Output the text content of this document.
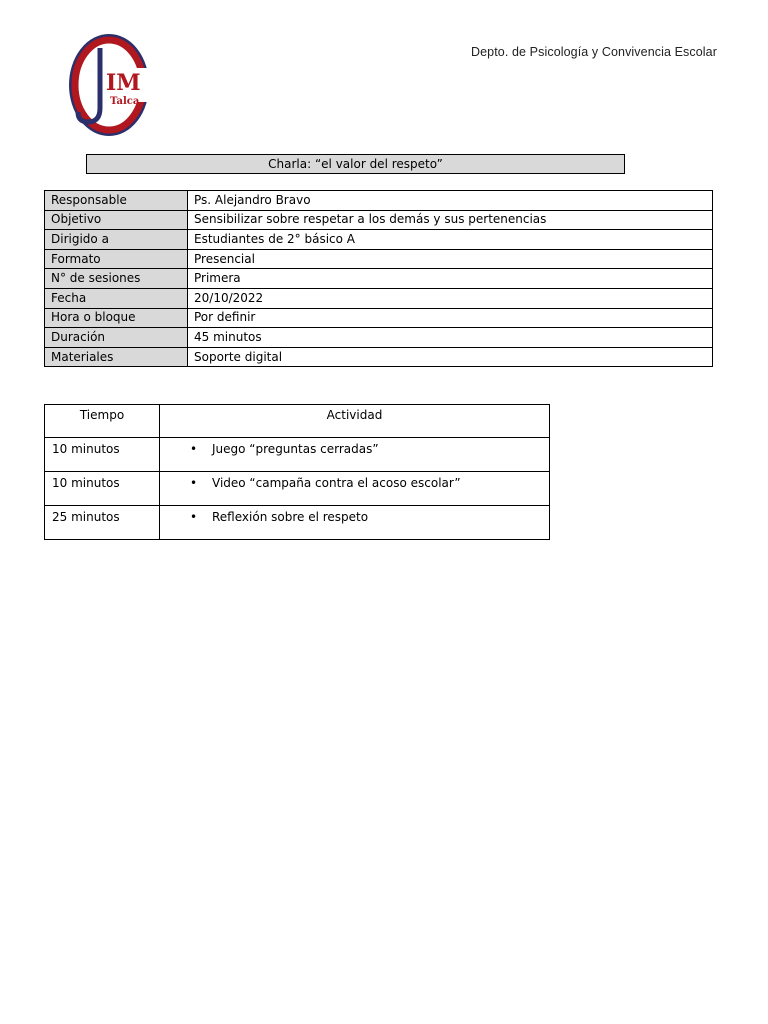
IM
Talca
Depto. de Psicología y Convivencia Escolar
Charla: “el valor del respeto”
Responsable	Ps. Alejandro Bravo
Objetivo	Sensibilizar sobre respetar a los demás y sus pertenencias
Dirigido a	Estudiantes de 2° básico A
Formato	Presencial
N° de sesiones	Primera
Fecha	20/10/2022
Hora o bloque	Por definir
Duración	45 minutos
Materiales	Soporte digital
Tiempo	Actividad
10 minutos	• Juego “preguntas cerradas”
10 minutos	• Video “campaña contra el acoso escolar”
25 minutos	• Reflexión sobre el respeto
